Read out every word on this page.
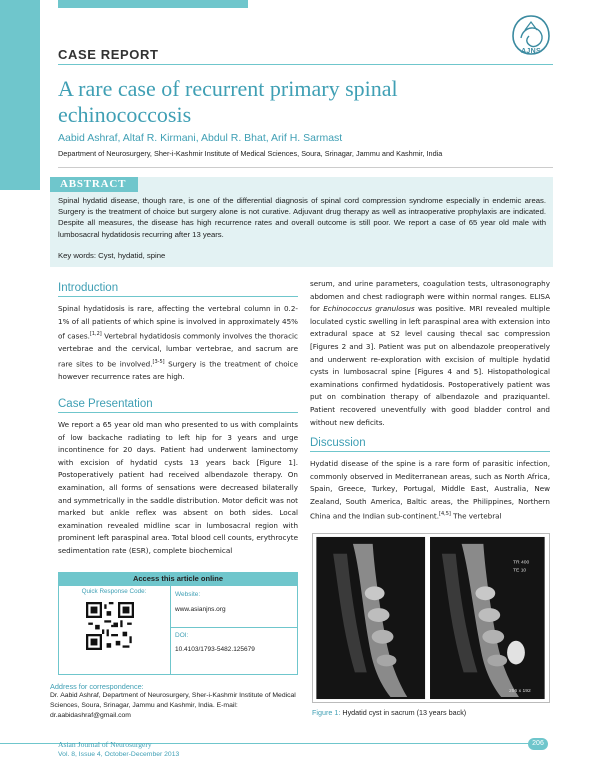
AJNS
CASE REPORT
A rare case of recurrent primary spinal echinococcosis
Aabid Ashraf, Altaf R. Kirmani, Abdul R. Bhat, Arif H. Sarmast
Department of Neurosurgery, Sher-i-Kashmir Institute of Medical Sciences, Soura, Srinagar, Jammu and Kashmir, India
ABSTRACT
Spinal hydatid disease, though rare, is one of the differential diagnosis of spinal cord compression syndrome especially in endemic areas. Surgery is the treatment of choice but surgery alone is not curative. Adjuvant drug therapy as well as intraoperative prophylaxis are indicated. Despite all measures, the disease has high recurrence rates and overall outcome is still poor. We report a case of 65 year old male with lumbosacral hydatidosis recurring after 13 years.
Key words: Cyst, hydatid, spine
Introduction
Spinal hydatidosis is rare, affecting the vertebral column in 0.2-1% of all patients of which spine is involved in approximately 45% of cases.[1,2] Vertebral hydatidosis commonly involves the thoracic vertebrae and the cervical, lumbar vertebrae, and sacrum are rare sites to be involved.[3-5] Surgery is the treatment of choice however recurrence rates are high.
Case Presentation
We report a 65 year old man who presented to us with complaints of low backache radiating to left hip for 3 years and urge incontinence for 20 days. Patient had underwent laminectomy with excision of hydatid cysts 13 years back [Figure 1]. Postoperatively patient had received albendazole therapy. On examination, all forms of sensations were decreased bilaterally and symmetrically in the saddle distribution. Motor deficit was not marked but ankle reflex was absent on both sides. Local examination revealed midline scar in lumbosacral region with prominent left paraspinal area. Total blood cell counts, erythrocyte sedimentation rate (ESR), complete biochemical
Access this article online
Quick Response Code:	Website:
www.asianjns.org
DOI:
10.4103/1793-5482.125679
Address for correspondence:
Dr. Aabid Ashraf, Department of Neurosurgery, Sher-i-Kashmir Institute of Medical Sciences, Soura, Srinagar, Jammu and Kashmir, India. E-mail: dr.aabidashraf@gmail.com
serum, and urine parameters, coagulation tests, ultrasonography abdomen and chest radiograph were within normal ranges. ELISA for Echinococcus granulosus was positive. MRI revealed multiple loculated cystic swelling in left paraspinal area with extension into extradural space at S2 level causing thecal sac compression [Figures 2 and 3]. Patient was put on albendazole preoperatively and underwent re-exploration with excision of multiple hydatid cysts in lumbosacral spine [Figures 4 and 5]. Histopathological examinations confirmed hydatidosis. Postoperatively patient was put on combination therapy of albendazole and praziquantel. Patient recovered uneventfully with good bladder control and without new deficits.
Discussion
Hydatid disease of the spine is a rare form of parasitic infection, commonly observed in Mediterranean areas, such as North Africa, Spain, Greece, Turkey, Portugal, Middle East, Australia, New Zealand, South America, Baltic areas, the Philippines, Northern China and the Indian sub-continent.[4,5] The vertebral
TR 400
TE 10
256 x 192
Figure 1: Hydatid cyst in sacrum (13 years back)
Asian Journal of Neurosurgery
Vol. 8, Issue 4, October-December 2013
206
